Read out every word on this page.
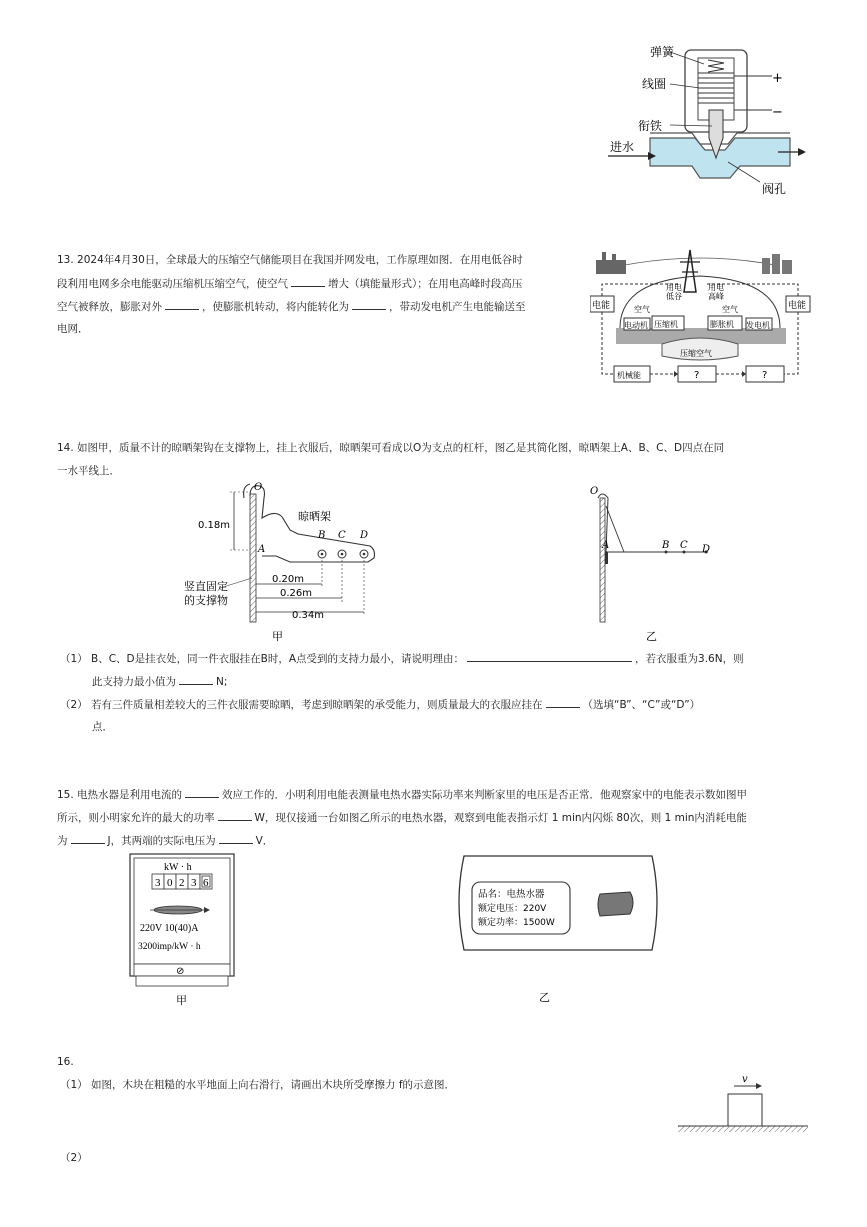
弹簧
线圈
衔铁
进水
阀孔
+
−
13. 2024年4月30日，全球最大的压缩空气储能项目在我国并网发电，工作原理如图．在用电低谷时
段利用电网多余电能驱动压缩机压缩空气，使空气	增大（填能量形式）；在用电高峰时段高压
空气被释放，膨胀对外	，使膨胀机转动，将内能转化为	，带动发电机产生电能输送至
电网．
电能	电能
用电
低谷
用电
高峰
空气	空气
电动机 压缩机	膨胀机 发电机
压缩空气
机械能	?	?
14. 如图甲，质量不计的晾晒架钩在支撑物上，挂上衣服后，晾晒架可看成以O为支点的杠杆，图乙是其简化图，晾晒架上A、B、C、D四点在同
一水平线上．
O
A
B C D
晾晒架
0.18m
0.20m
0.26m
0.34m
竖直固定
的支撑物
甲
O
A	B C D
乙
（1） B、C、D是挂衣处，同一件衣服挂在B时，A点受到的支持力最小，请说明理由：	，若衣服重为3.6N，则
此支持力最小值为	N;
（2） 若有三件质量相差较大的三件衣服需要晾晒，考虑到晾晒架的承受能力，则质量最大的衣服应挂在	（选填“B”、“C”或“D”）
点．
15. 电热水器是利用电流的	效应工作的．小明利用电能表测量电热水器实际功率来判断家里的电压是否正常．他观察家中的电能表示数如图甲
所示，则小明家允许的最大的功率	W，现仅接通一台如图乙所示的电热水器，观察到电能表指示灯 1 min内闪烁 80次，则 1 min内消耗电能
为	J，其两端的实际电压为	V．
kW · h
3 0 2 3 6
220V 10(40)A
3200imp/kW · h
⊘
甲
品名：电热水器
额定电压：220V
额定功率：1500W
乙
16.
（1） 如图，木块在粗糙的水平地面上向右滑行，请画出木块所受摩擦力 f的示意图．	v
（2）
